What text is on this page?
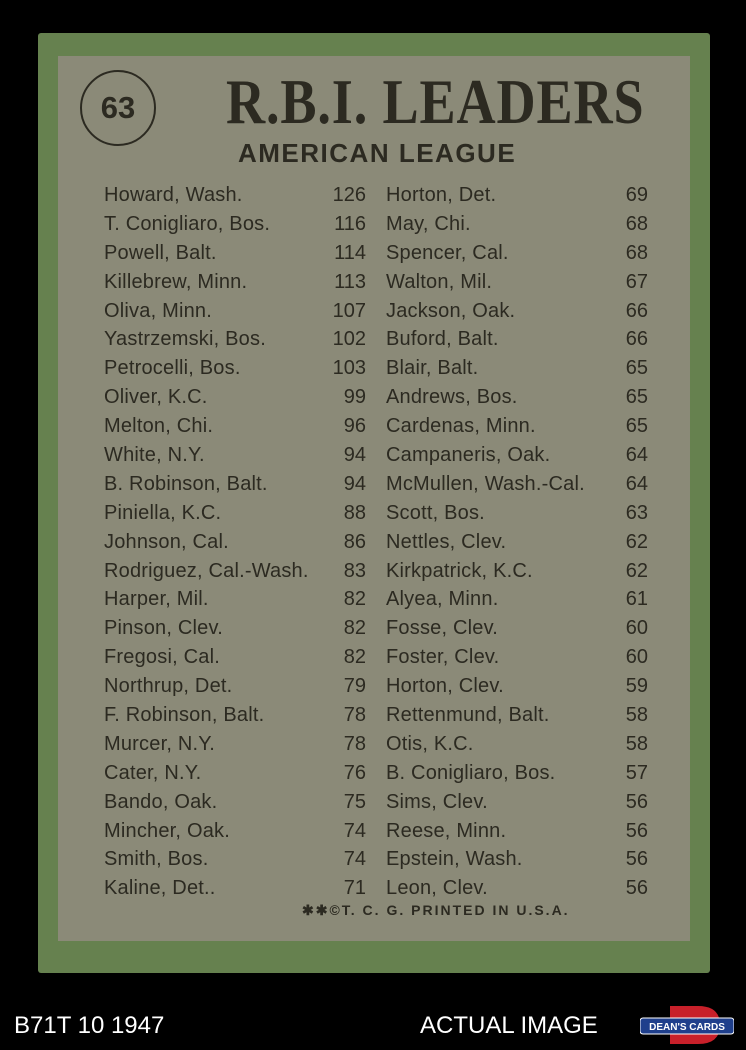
63	R.B.I. LEADERS
AMERICAN LEAGUE
Howard, Wash.	126
T. Conigliaro, Bos.	116
Powell, Balt.	114
Killebrew, Minn.	113
Oliva, Minn.	107
Yastrzemski, Bos.	102
Petrocelli, Bos.	103
Oliver, K.C.	99
Melton, Chi.	96
White, N.Y.	94
B. Robinson, Balt.	94
Piniella, K.C.	88
Johnson, Cal.	86
Rodriguez, Cal.-Wash. 83
Harper, Mil.	82
Pinson, Clev.	82
Fregosi, Cal.	82
Northrup, Det.	79
F. Robinson, Balt.	78
Murcer, N.Y.	78
Cater, N.Y.	76
Bando, Oak.	75
Mincher, Oak.	74
Smith, Bos.	74
Kaline, Det..	71
Horton, Det.	69
May, Chi.	68
Spencer, Cal.	68
Walton, Mil.	67
Jackson, Oak.	66
Buford, Balt.	66
Blair, Balt.	65
Andrews, Bos.	65
Cardenas, Minn.	65
Campaneris, Oak.	64
McMullen, Wash.-Cal. 64
Scott, Bos.	63
Nettles, Clev.	62
Kirkpatrick, K.C.	62
Alyea, Minn.	61
Fosse, Clev.	60
Foster, Clev.	60
Horton, Clev.	59
Rettenmund, Balt.	58
Otis, K.C.	58
B. Conigliaro, Bos.	57
Sims, Clev.	56
Reese, Minn.	56
Epstein, Wash.	56
Leon, Clev.	56
✱✱©T. C. G. PRINTED IN U.S.A.
B71T 10 1947	ACTUAL IMAGE	DEAN'S CARDS
